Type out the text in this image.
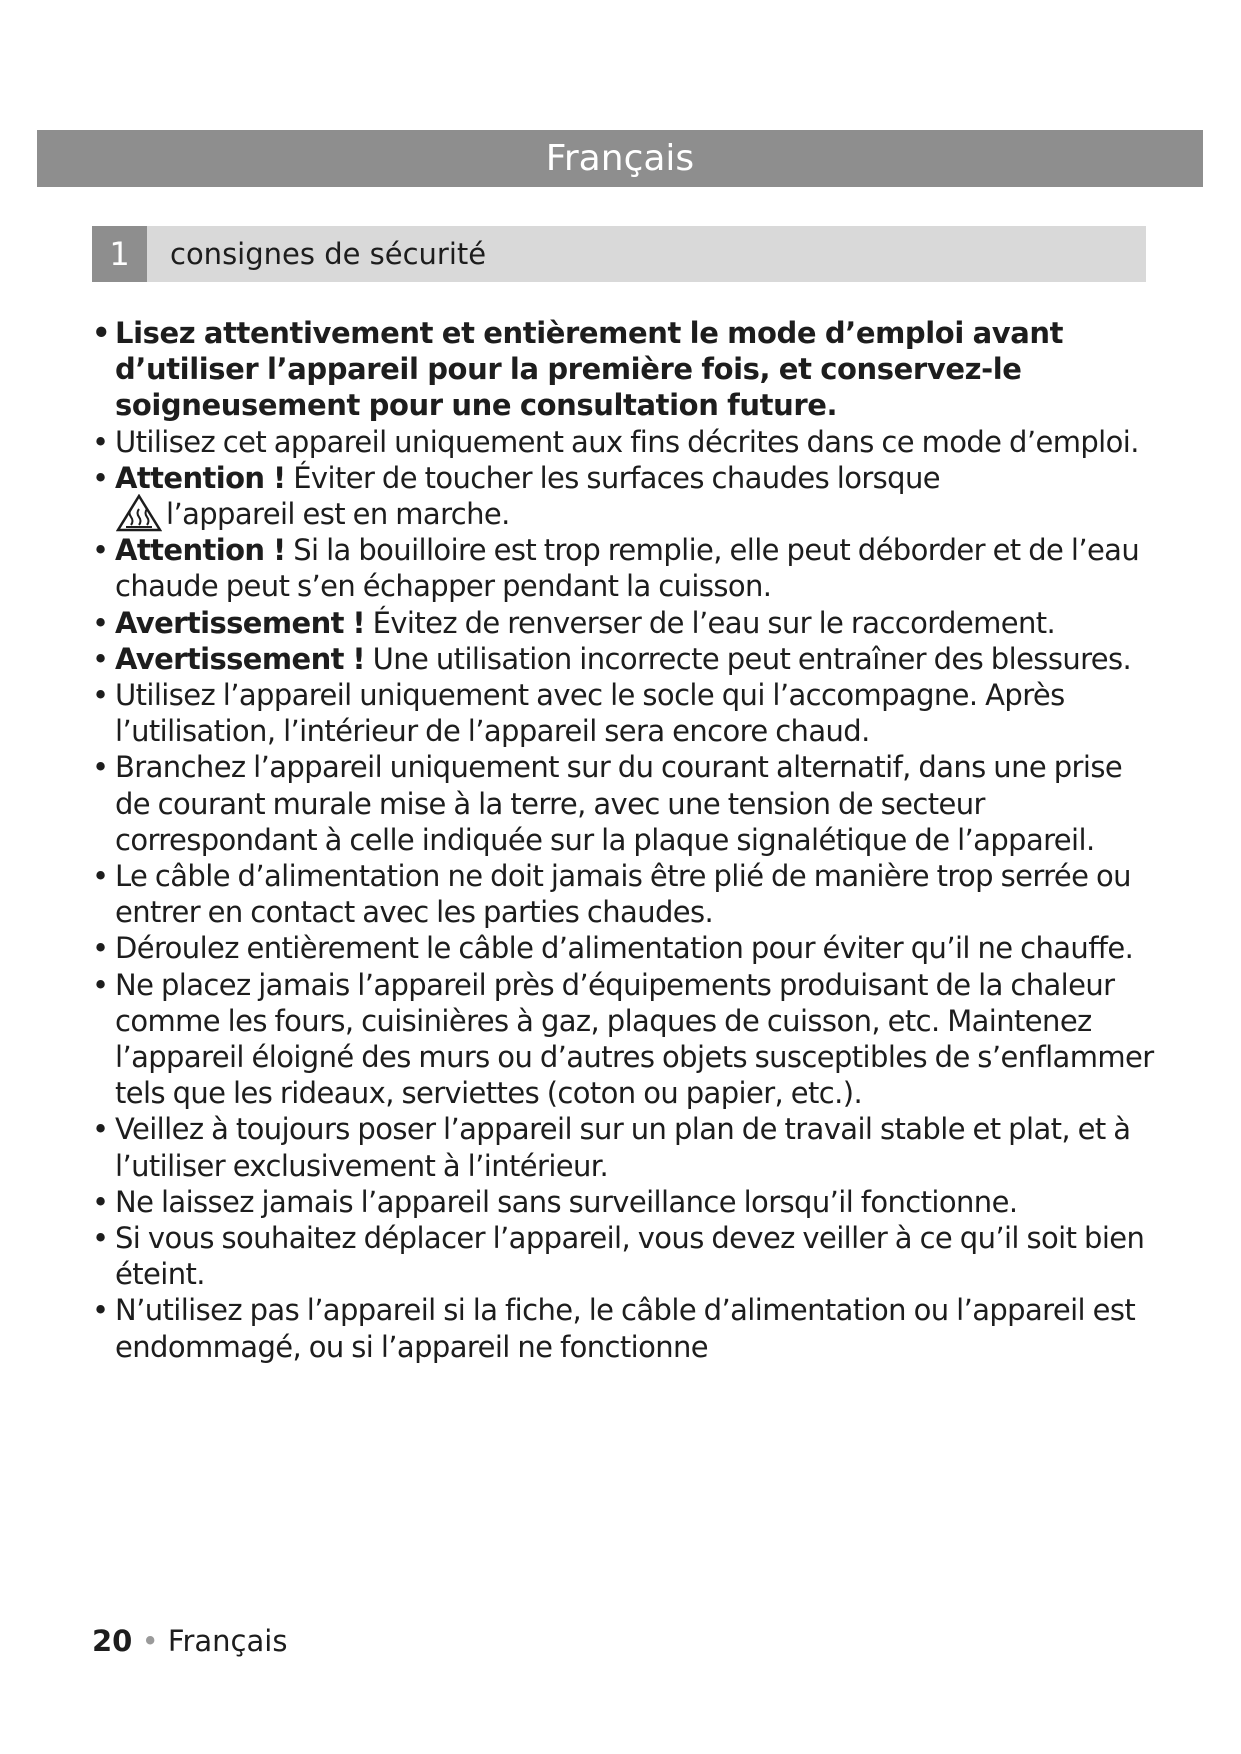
Français
1	consignes de sécurité
• Lisez attentivement et entièrement le mode d’emploi avant d’utiliser l’appareil pour la première fois, et conservez-le soigneusement pour une consultation future.
• Utilisez cet appareil uniquement aux fins décrites dans ce mode d’emploi.
• Attention ! Éviter de toucher les surfaces chaudes lorsque
l’appareil est en marche.
• Attention ! Si la bouilloire est trop remplie, elle peut déborder et de l’eau chaude peut s’en échapper pendant la cuisson.
• Avertissement ! Évitez de renverser de l’eau sur le raccordement.
• Avertissement ! Une utilisation incorrecte peut entraîner des blessures.
• Utilisez l’appareil uniquement avec le socle qui l’accompagne. Après l’utilisation, l’intérieur de l’appareil sera encore chaud.
• Branchez l’appareil uniquement sur du courant alternatif, dans une prise de courant murale mise à la terre, avec une tension de secteur correspondant à celle indiquée sur la plaque signalétique de l’appareil.
• Le câble d’alimentation ne doit jamais être plié de manière trop serrée ou entrer en contact avec les parties chaudes.
• Déroulez entièrement le câble d’alimentation pour éviter qu’il ne chauffe.
• Ne placez jamais l’appareil près d’équipements produisant de la chaleur comme les fours, cuisinières à gaz, plaques de cuisson, etc. Maintenez l’appareil éloigné des murs ou d’autres objets susceptibles de s’enflammer tels que les rideaux, serviettes (coton ou papier, etc.).
• Veillez à toujours poser l’appareil sur un plan de travail stable et plat, et à l’utiliser exclusivement à l’intérieur.
• Ne laissez jamais l’appareil sans surveillance lorsqu’il fonctionne.
• Si vous souhaitez déplacer l’appareil, vous devez veiller à ce qu’il soit bien éteint.
• N’utilisez pas l’appareil si la fiche, le câble d’alimentation ou l’appareil est endommagé, ou si l’appareil ne fonctionne
20 • Français
